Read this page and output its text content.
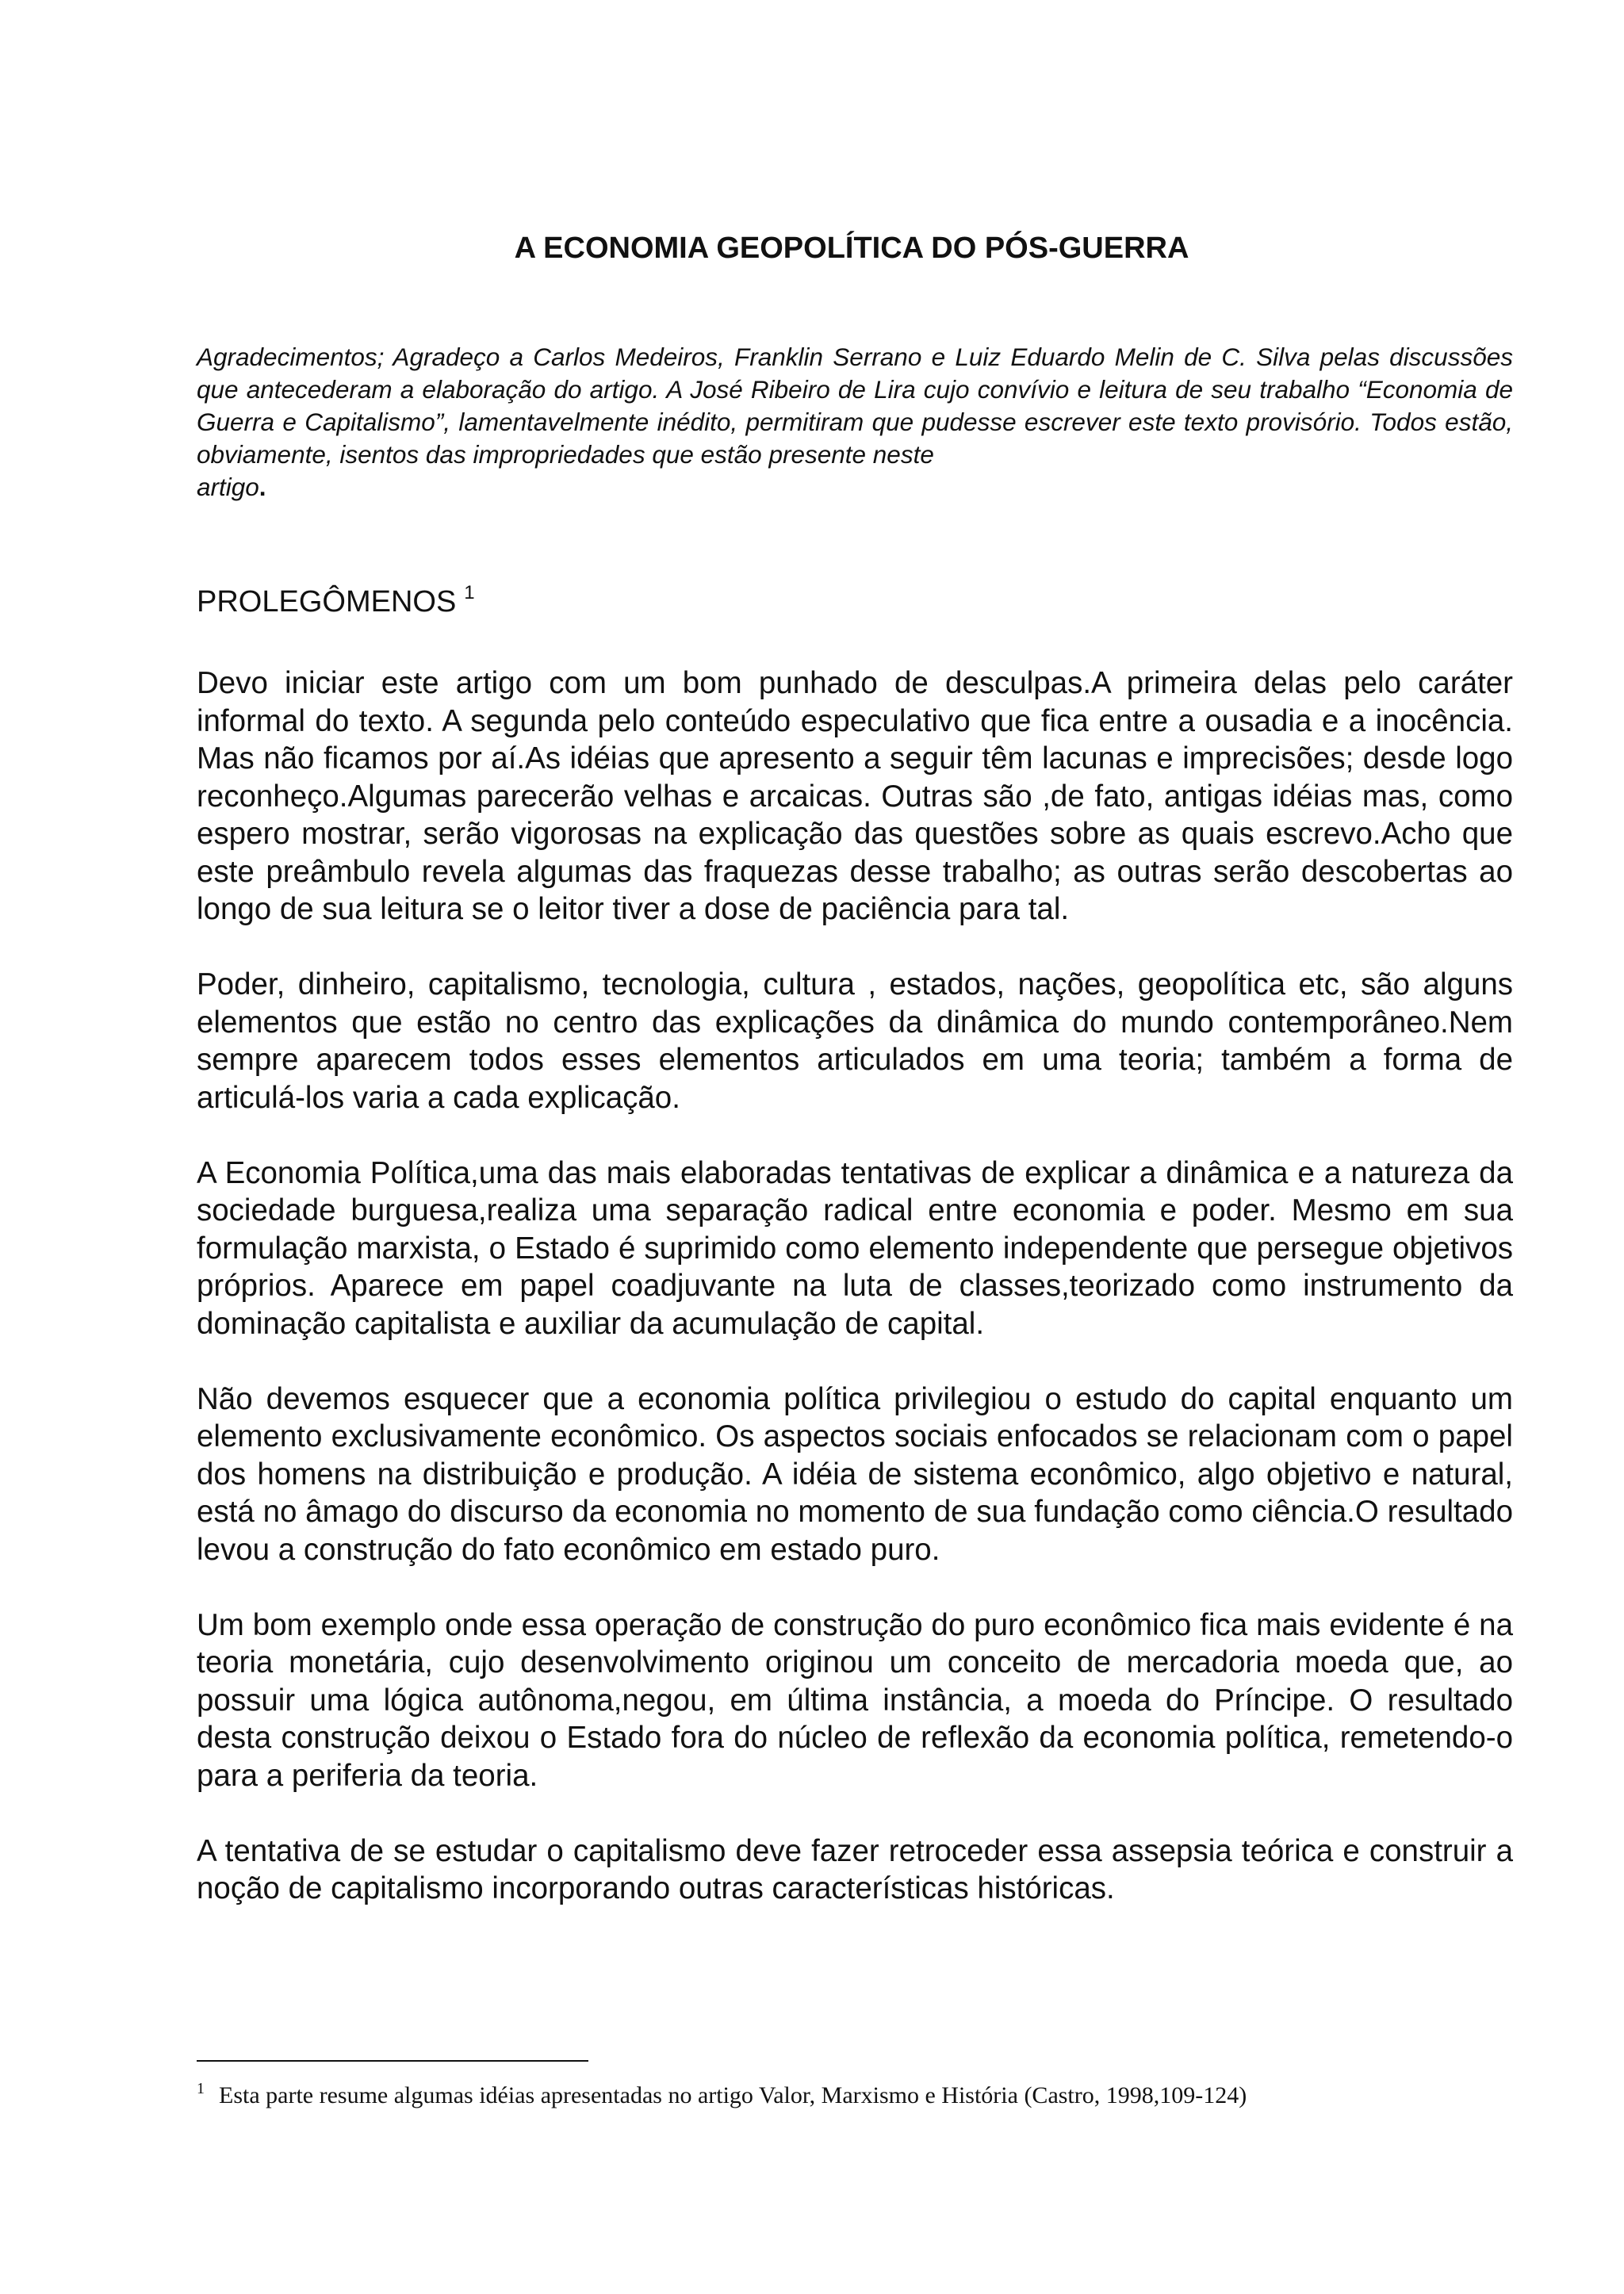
A ECONOMIA GEOPOLÍTICA DO PÓS-GUERRA
Agradecimentos; Agradeço a Carlos Medeiros, Franklin Serrano e Luiz Eduardo Melin de C. Silva pelas discussões que antecederam a elaboração do artigo. A José Ribeiro de Lira cujo convívio e leitura de seu trabalho “Economia de Guerra e Capitalismo”, lamentavelmente inédito, permitiram que pudesse escrever este texto provisório. Todos estão, obviamente, isentos das impropriedades que estão presente neste
artigo.
PROLEGÔMENOS $^1$

Devo iniciar este artigo com um bom punhado de desculpas.A primeira delas pelo caráter informal do texto. A segunda pelo conteúdo especulativo que fica entre a ousadia e a inocência. Mas não ficamos por aí.As idéias que apresento a seguir têm lacunas e imprecisões; desde logo reconheço.Algumas parecerão velhas e arcaicas. Outras são ,de fato, antigas idéias mas, como espero mostrar, serão vigorosas na explicação das questões sobre as quais escrevo.Acho que este preâmbulo revela algumas das fraquezas desse trabalho; as outras serão descobertas ao longo de sua leitura se o leitor tiver a dose de paciência para tal.

Poder, dinheiro, capitalismo, tecnologia, cultura , estados, nações, geopolítica etc, são alguns elementos que estão no centro das explicações da dinâmica do mundo contemporâneo.Nem sempre aparecem todos esses elementos articulados em uma teoria; também a forma de articulá-los varia a cada explicação.

A Economia Política,uma das mais elaboradas tentativas de explicar a dinâmica e a natureza da sociedade burguesa,realiza uma separação radical entre economia e poder. Mesmo em sua formulação marxista, o Estado é suprimido como elemento independente que persegue objetivos próprios. Aparece em papel coadjuvante na luta de classes,teorizado como instrumento da dominação capitalista e auxiliar da acumulação de capital.

Não devemos esquecer que a economia política privilegiou o estudo do capital enquanto um elemento exclusivamente econômico. Os aspectos sociais enfocados se relacionam com o papel dos homens na distribuição e produção. A idéia de sistema econômico, algo objetivo e natural, está no âmago do discurso da economia no momento de sua fundação como ciência.O resultado levou a construção do fato econômico em estado puro.

Um bom exemplo onde essa operação de construção do puro econômico fica mais evidente é na teoria monetária, cujo desenvolvimento originou um conceito de mercadoria moeda que, ao possuir uma lógica autônoma,negou, em última instância, a moeda do Príncipe. O resultado desta construção deixou o Estado fora do núcleo de reflexão da economia política, remetendo-o para a periferia da teoria.

A tentativa de se estudar o capitalismo deve fazer retroceder essa assepsia teórica e construir a noção de capitalismo incorporando outras características históricas.

$^1$ Esta parte resume algumas idéias apresentadas no artigo Valor, Marxismo e História (Castro, 1998,109-124)
